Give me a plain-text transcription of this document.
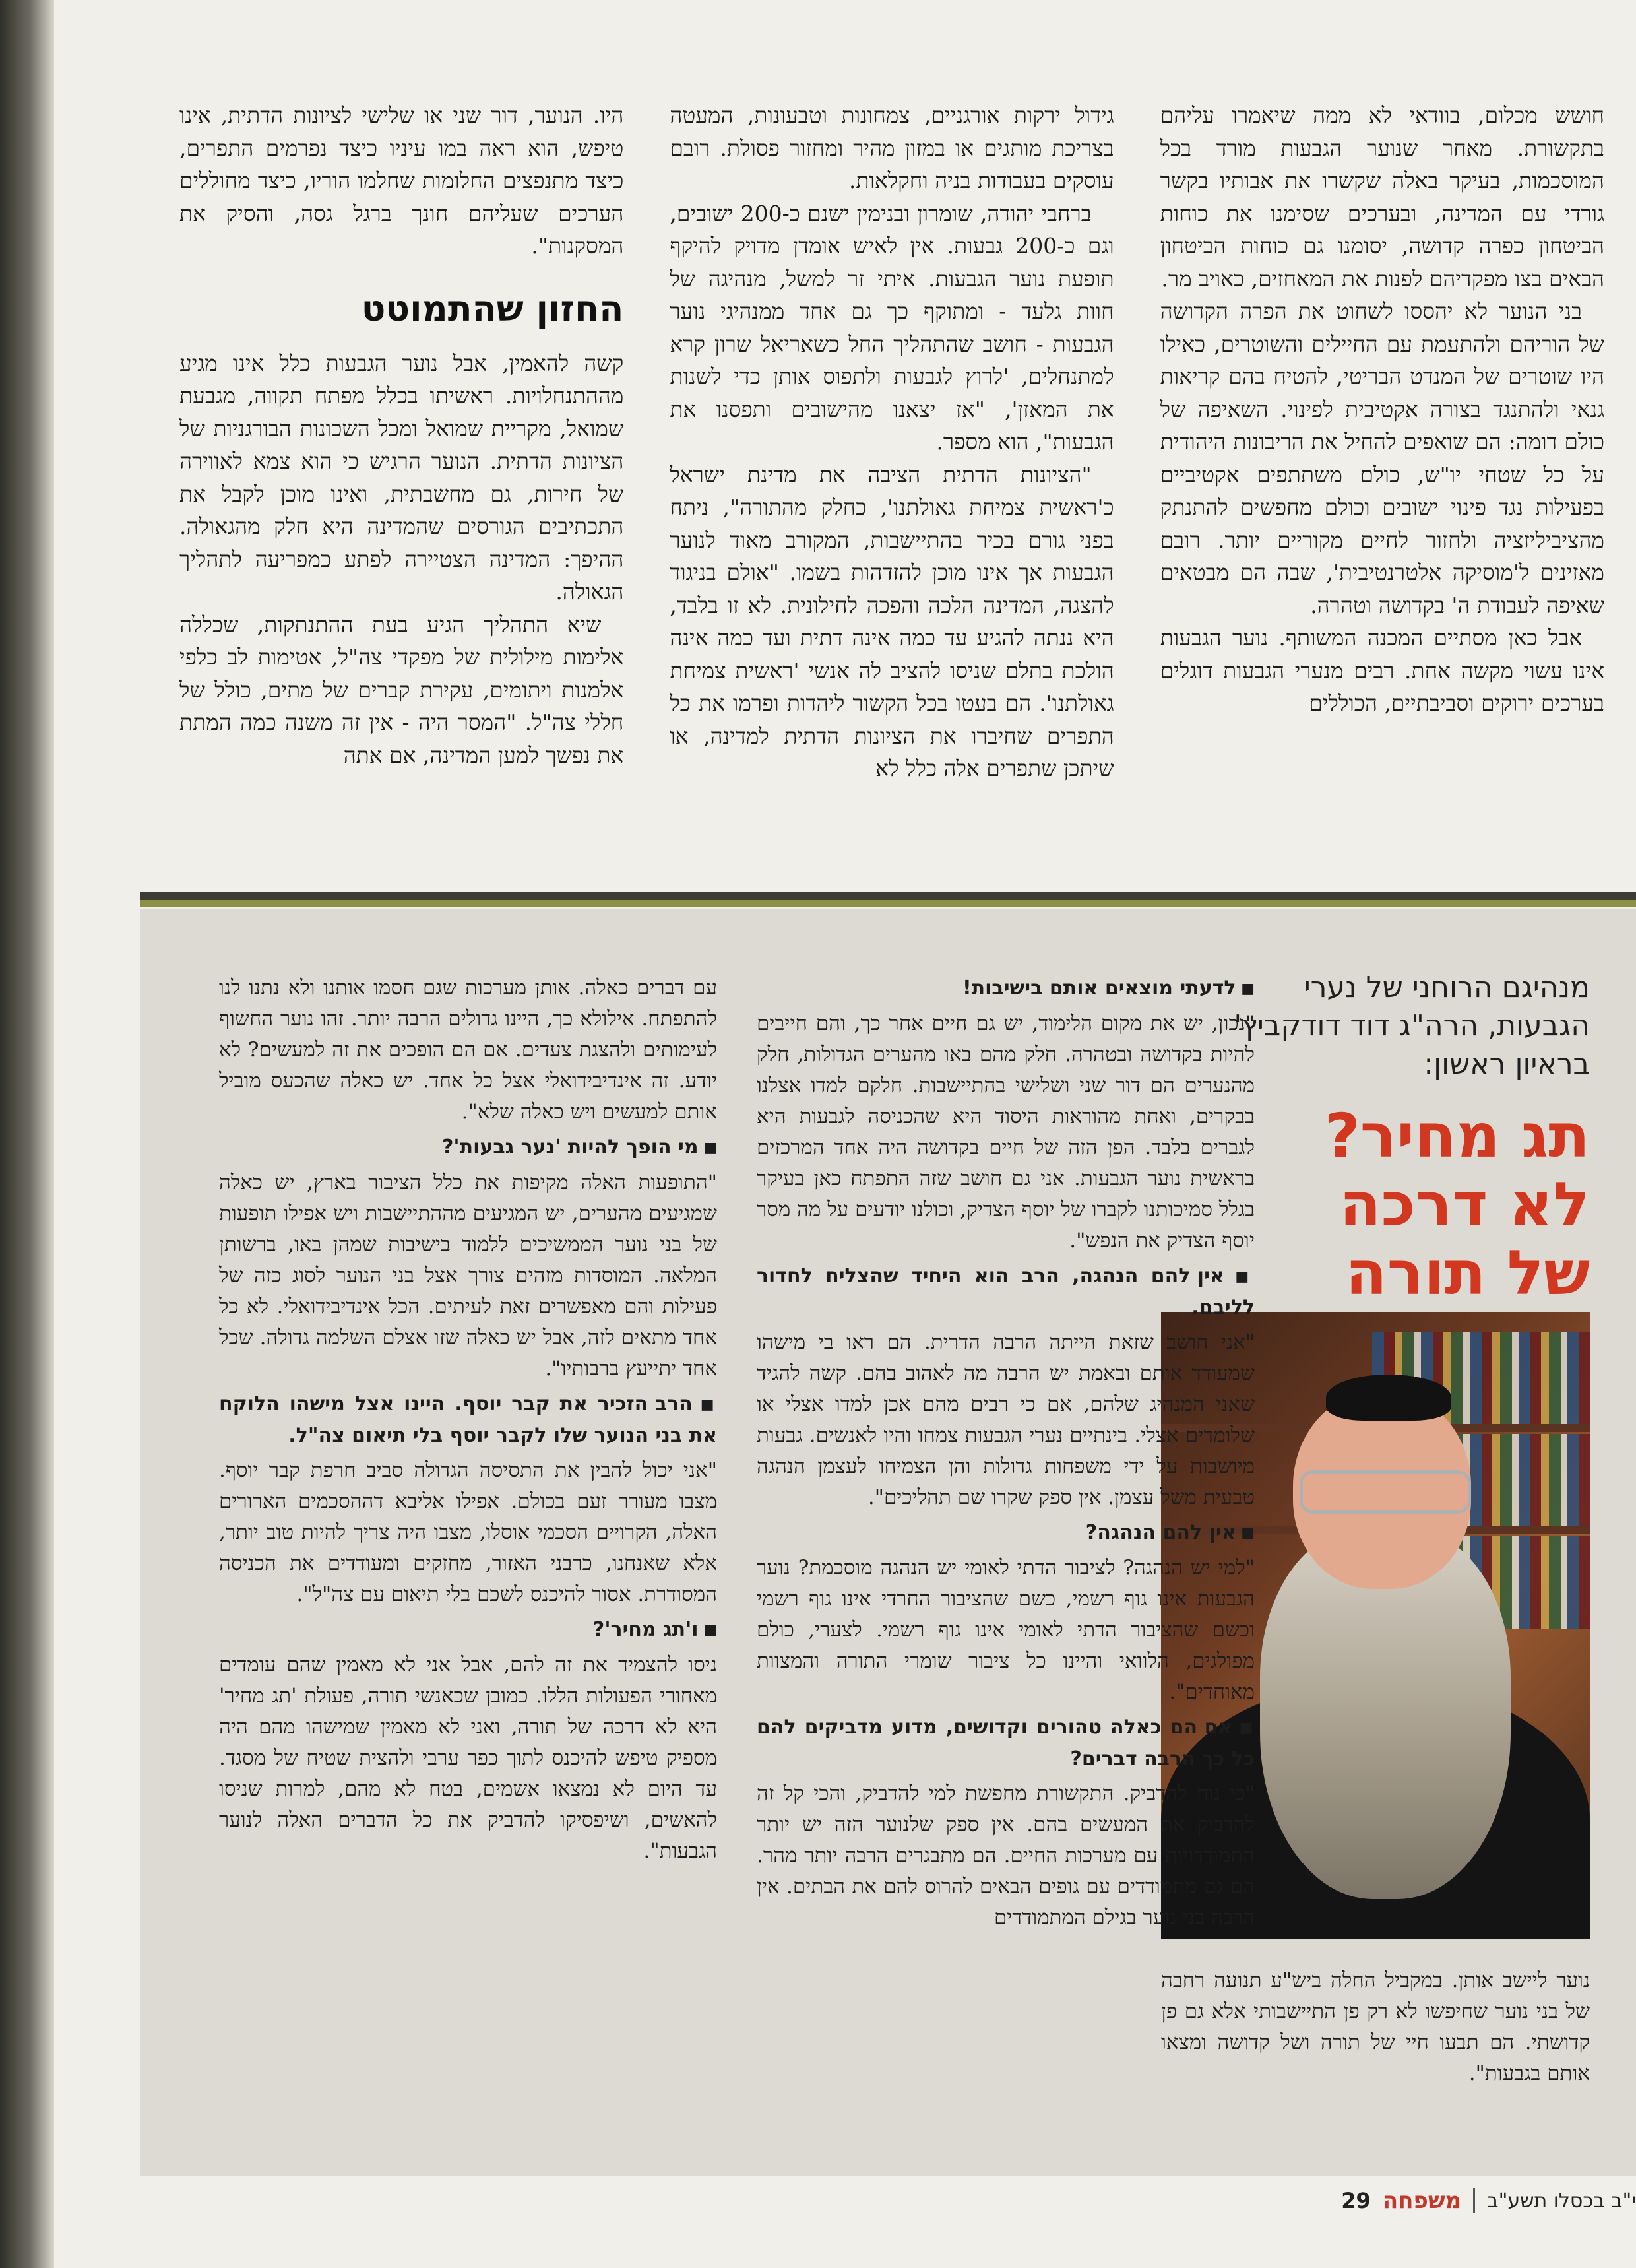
חושש מכלום, בוודאי לא ממה שיאמרו עליהם בתקשורת. מאחר שנוער הגבעות מורד בכל המוסכמות, בעיקר באלה שקשרו את אבותיו בקשר גורדי עם המדינה, ובערכים שסימנו את כוחות הביטחון כפרה קדושה, יסומנו גם כוחות הביטחון הבאים בצו מפקדיהם לפנות את המאחזים, כאויב מר.

בני הנוער לא יהססו לשחוט את הפרה הקדושה של הוריהם ולהתעמת עם החיילים והשוטרים, כאילו היו שוטרים של המנדט הבריטי, להטיח בהם קריאות גנאי ולהתנגד בצורה אקטיבית לפינוי. השאיפה של כולם דומה: הם שואפים להחיל את הריבונות היהודית על כל שטחי יו"ש, כולם משתתפים אקטיביים בפעילות נגד פינוי ישובים וכולם מחפשים להתנתק מהציביליזציה ולחזור לחיים מקוריים יותר. רובם מאזינים ל'מוסיקה אלטרנטיבית', שבה הם מבטאים שאיפה לעבודת ה' בקדושה וטהרה.

אבל כאן מסתיים המכנה המשותף. נוער הגבעות אינו עשוי מקשה אחת. רבים מנערי הגבעות דוגלים בערכים ירוקים וסביבתיים, הכוללים

גידול ירקות אורגניים, צמחונות וטבעונות, המעטה בצריכת מותגים או במזון מהיר ומחזור פסולת. רובם עוסקים בעבודות בניה וחקלאות.

ברחבי יהודה, שומרון ובנימין ישנם כ-200 ישובים, וגם כ-200 גבעות. אין לאיש אומדן מדויק להיקף תופעת נוער הגבעות. איתי זר למשל, מנהיגה של חוות גלעד - ומתוקף כך גם אחד ממנהיגי נוער הגבעות - חושב שהתהליך החל כשאריאל שרון קרא למתנחלים, 'לרוץ לגבעות ולתפוס אותן כדי לשנות את המאזן', "אז יצאנו מהישובים ותפסנו את הגבעות", הוא מספר.

"הציונות הדתית הציבה את מדינת ישראל כ'ראשית צמיחת גאולתנו', כחלק מהתורה", ניתח בפני גורם בכיר בהתיישבות, המקורב מאוד לנוער הגבעות אך אינו מוכן להזדהות בשמו. "אולם בניגוד להצגה, המדינה הלכה והפכה לחילונית. לא זו בלבד, היא ננתה להגיע עד כמה אינה דתית ועד כמה אינה הולכת בתלם שניסו להציב לה אנשי 'ראשית צמיחת גאולתנו'. הם בעטו בכל הקשור ליהדות ופרמו את כל התפרים שחיברו את הציונות הדתית למדינה, או שיתכן שתפרים אלה כלל לא

היו. הנוער, דור שני או שלישי לציונות הדתית, אינו טיפש, הוא ראה במו עיניו כיצד נפרמים התפרים, כיצד מתנפצים החלומות שחלמו הוריו, כיצד מחוללים הערכים שעליהם חונך ברגל גסה, והסיק את המסקנות".

החזון שהתמוטט

קשה להאמין, אבל נוער הגבעות כלל אינו מגיע מההתנחלויות. ראשיתו בכלל מפתח תקווה, מגבעת שמואל, מקריית שמואל ומכל השכונות הבורגניות של הציונות הדתית. הנוער הרגיש כי הוא צמא לאווירה של חירות, גם מחשבתית, ואינו מוכן לקבל את התכתיבים הגורסים שהמדינה היא חלק מהגאולה. ההיפך: המדינה הצטיירה לפתע כמפריעה לתהליך הגאולה.

שיא התהליך הגיע בעת ההתנתקות, שכללה אלימות מילולית של מפקדי צה"ל, אטימות לב כלפי אלמנות ויתומים, עקירת קברים של מתים, כולל של חללי צה"ל. "המסר היה - אין זה משנה כמה המתת את נפשך למען המדינה, אם אתה

מנהיגם הרוחני של נערי הגבעות, הרה"ג דוד דודקביץ' בראיון ראשון:
תג מחיר?
לא דרכה
של תורה
נוער ליישב אותן. במקביל החלה ביש"ע תנועה רחבה של בני נוער שחיפשו לא רק פן התיישבותי אלא גם פן קדושתי. הם תבעו חיי של תורה ושל קדושה ומצאו אותם בגבעות".

■ לדעתי מוצאים אותם בישיבות!

"נכון, יש את מקום הלימוד, יש גם חיים אחר כך, והם חייבים להיות בקדושה ובטהרה. חלק מהם באו מהערים הגדולות, חלק מהנערים הם דור שני ושלישי בהתיישבות. חלקם למדו אצלנו בבקרים, ואחת מהוראות היסוד היא שהכניסה לגבעות היא לגברים בלבד. הפן הזה של חיים בקדושה היה אחד המרכזים בראשית נוער הגבעות. אני גם חושב שזה התפתח כאן בעיקר בגלל סמיכותנו לקברו של יוסף הצדיק, וכולנו יודעים על מה מסר יוסף הצדיק את הנפש".

■ אין להם הנהגה, הרב הוא היחיד שהצליח לחדור לליבם.

"אני חושב שזאת הייתה הרבה הדרית. הם ראו בי מישהו שמעודד אותם ובאמת יש הרבה מה לאהוב בהם. קשה להגיד שאני המנהיג שלהם, אם כי רבים מהם אכן למדו אצלי או שלומדים אצלי. בינתיים נערי הגבעות צמחו והיו לאנשים. גבעות מיושבות על ידי משפחות גדולות והן הצמיחו לעצמן הנהגה טבעית משל עצמן. אין ספק שקרו שם תהליכים".

■ אין להם הנהגה?

"למי יש הנהגה? לציבור הדתי לאומי יש הנהגה מוסכמת? נוער הגבעות אינו גוף רשמי, כשם שהציבור החרדי אינו גוף רשמי וכשם שהציבור הדתי לאומי אינו גוף רשמי. לצערי, כולם מפולגים, הלוואי והיינו כל ציבור שומרי התורה והמצוות מאוחדים".

■ אם הם כאלה טהורים וקדושים, מדוע מדביקים להם כל כך הרבה דברים?

"כי נוח להדביק. התקשורת מחפשת למי להדביק, והכי קל זה להדביק את המעשים בהם. אין ספק שלנוער הזה יש יותר התמודדויות עם מערכות החיים. הם מתבגרים הרבה יותר מהר. הם גם מתמודדים עם גופים הבאים להרוס להם את הבתים. אין הרבה בני נוער בגילם המתמודדים

עם דברים כאלה. אותן מערכות שגם חסמו אותנו ולא נתנו לנו להתפתח. אילולא כך, היינו גדולים הרבה יותר. זהו נוער החשוף לעימותים ולהצגת צעדים. אם הם הופכים את זה למעשים? לא יודע. זה אינדיבידואלי אצל כל אחד. יש כאלה שהכעס מוביל אותם למעשים ויש כאלה שלא".

■ מי הופך להיות 'נער גבעות'?

"התופעות האלה מקיפות את כלל הציבור בארץ, יש כאלה שמגיעים מהערים, יש המגיעים מההתיישבות ויש אפילו תופעות של בני נוער הממשיכים ללמוד בישיבות שמהן באו, ברשותן המלאה. המוסדות מזהים צורך אצל בני הנוער לסוג כזה של פעילות והם מאפשרים זאת לעיתים. הכל אינדיבידואלי. לא כל אחד מתאים לזה, אבל יש כאלה שזו אצלם השלמה גדולה. שכל אחד יתייעץ ברבותיו".

■ הרב הזכיר את קבר יוסף. היינו אצל מישהו הלוקח את בני הנוער שלו לקבר יוסף בלי תיאום צה"ל.

"אני יכול להבין את התסיסה הגדולה סביב חרפת קבר יוסף. מצבו מעורר זעם בכולם. אפילו אליבא דההסכמים הארורים האלה, הקרויים הסכמי אוסלו, מצבו היה צריך להיות טוב יותר, אלא שאנחנו, כרבני האזור, מחזקים ומעודדים את הכניסה המסודרת. אסור להיכנס לשכם בלי תיאום עם צה"ל".

■ ו'תג מחיר'?

ניסו להצמיד את זה להם, אבל אני לא מאמין שהם עומדים מאחורי הפעולות הללו. כמובן שכאנשי תורה, פעולת 'תג מחיר' היא לא דרכה של תורה, ואני לא מאמין שמישהו מהם היה מספיק טיפש להיכנס לתוך כפר ערבי ולהצית שטיח של מסגד. עד היום לא נמצאו אשמים, בטח לא מהם, למרות שניסו להאשים, ושיפסיקו להדביק את כל הדברים האלה לנוער הגבעות".

29 משפחה י"ב בכסלו תשע"ב
